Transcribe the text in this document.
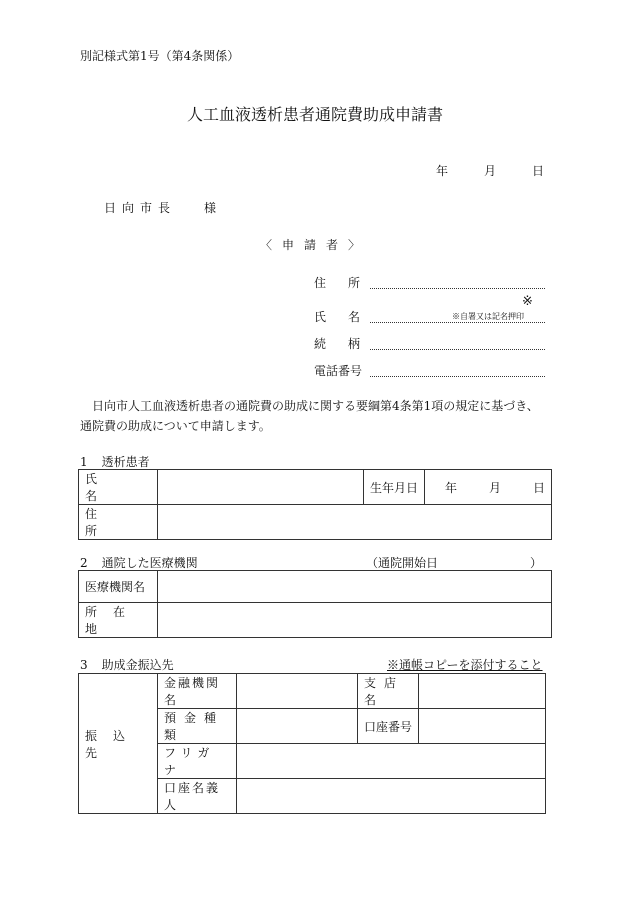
別記様式第1号（第4条関係）
人工血液透析患者通院費助成申請書
年	月	日
日向市長 様
〈申請者〉
住所
※
氏名	※自署又は記名押印
続柄
電話番号
日向市人工血液透析患者の通院費の助成に関する要綱第4条第1項の規定に基づき、通院費の助成について申請します。
1 透析患者
氏名		生年月日	年 月 日

住所			
2 通院した医療機関	（通院開始日	）
医療機関名	
所在地	
3 助成金振込先	※通帳コピーを添付すること
振込先	金融機関名		支店名	
	預金種類		口座番号	
	フリガナ			
	口座名義人			
